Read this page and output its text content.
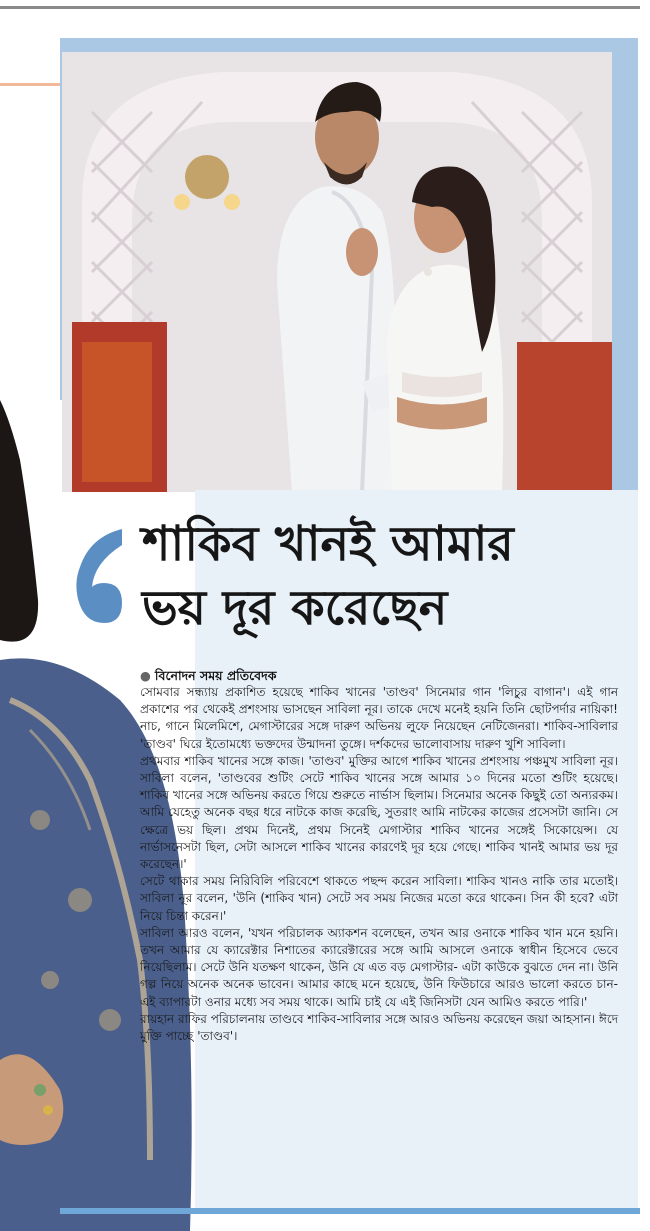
শাকিব খানই আমার
ভয় দূর করেছেন
● বিনোদন সময় প্রতিবেদক

সোমবার সন্ধ্যায় প্রকাশিত হয়েছে শাকিব খানের 'তাণ্ডব' সিনেমার গান 'লিচুর বাগান'। এই গান প্রকাশের পর থেকেই প্রশংসায় ভাসছেন সাবিলা নূর। তাকে দেখে মনেই হয়নি তিনি ছোটপর্দার নায়িকা! নাচ, গানে মিলেমিশে, মেগাস্টারের সঙ্গে দারুণ অভিনয় লুফে নিয়েছেন নেটিজেনরা। শাকিব-সাবিলার 'তাণ্ডব' ঘিরে ইতোমধ্যে ভক্তদের উন্মাদনা তুঙ্গে। দর্শকদের ভালোবাসায় দারুণ খুশি সাবিলা।

প্রথমবার শাকিব খানের সঙ্গে কাজ। 'তাণ্ডব' মুক্তির আগে শাকিব খানের প্রশংসায় পঞ্চমুখ সাবিলা নূর। সাবিলা বলেন, 'তাণ্ডবের শুটিং সেটে শাকিব খানের সঙ্গে আমার ১০ দিনের মতো শুটিং হয়েছে। শাকিব খানের সঙ্গে অভিনয় করতে গিয়ে শুরুতে নার্ভাস ছিলাম। সিনেমার অনেক কিছুই তো অন্যরকম। আমি যেহেতু অনেক বছর ধরে নাটকে কাজ করেছি, সুতরাং আমি নাটকের কাজের প্রসেসটা জানি। সে ক্ষেত্রে ভয় ছিল। প্রথম দিনেই, প্রথম সিনেই মেগাস্টার শাকিব খানের সঙ্গেই সিকোয়েন্স। যে নার্ভাসনেসটা ছিল, সেটা আসলে শাকিব খানের কারণেই দূর হয়ে গেছে। শাকিব খানই আমার ভয় দূর করেছেন।'

সেটে থাকার সময় নিরিবিলি পরিবেশে থাকতে পছন্দ করেন সাবিলা। শাকিব খানও নাকি তার মতোই। সাবিলা নূর বলেন, 'উনি (শাকিব খান) সেটে সব সময় নিজের মতো করে থাকেন। সিন কী হবে? এটা নিয়ে চিন্তা করেন।'

সাবিলা আরও বলেন, 'যখন পরিচালক অ্যাকশন বলেছেন, তখন আর ওনাকে শাকিব খান মনে হয়নি। তখন আমার যে ক্যারেক্টার নিশাতের ক্যারেক্টারের সঙ্গে আমি আসলে ওনাকে স্বাধীন হিসেবে ভেবে নিয়েছিলাম। সেটে উনি যতক্ষণ থাকেন, উনি যে এত বড় মেগাস্টার- এটা কাউকে বুঝতে দেন না। উনি গল্প নিয়ে অনেক অনেক ভাবেন। আমার কাছে মনে হয়েছে, উনি ফিউচারে আরও ভালো করতে চান- এই ব্যাপারটা ওনার মধ্যে সব সময় থাকে। আমি চাই যে এই জিনিসটা যেন আমিও করতে পারি।'

রায়হান রাফির পরিচালনায় তাণ্ডবে শাকিব-সাবিলার সঙ্গে আরও অভিনয় করেছেন জয়া আহসান। ঈদে মুক্তি পাচ্ছে 'তাণ্ডব'।
